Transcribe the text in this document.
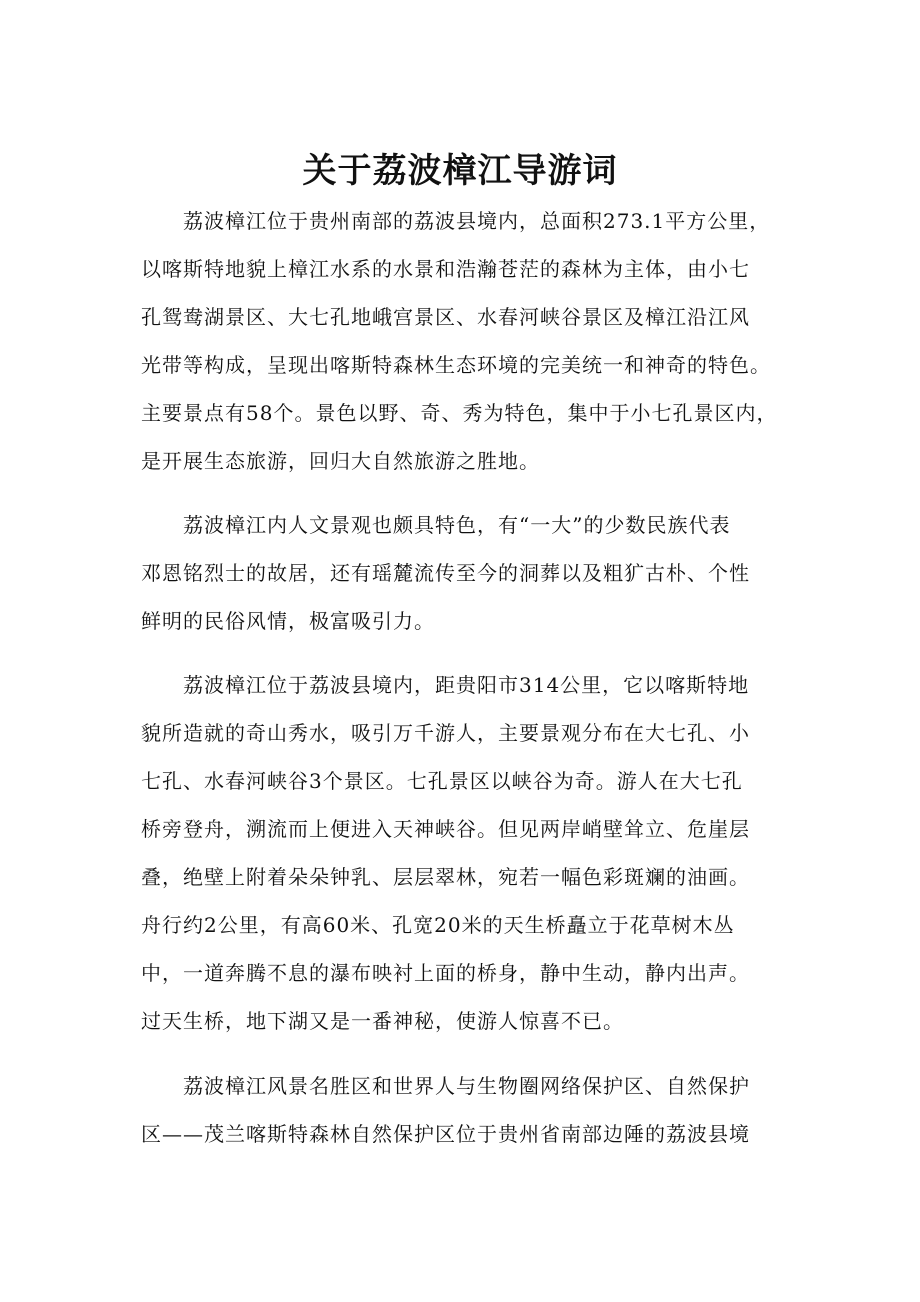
关于荔波樟江导游词
荔波樟江位于贵州南部的荔波县境内，总面积273.1平方公里，
以喀斯特地貌上樟江水系的水景和浩瀚苍茫的森林为主体，由小七
孔鸳鸯湖景区、大七孔地峨宫景区、水春河峡谷景区及樟江沿江风
光带等构成，呈现出喀斯特森林生态环境的完美统一和神奇的特色。
主要景点有58个。景色以野、奇、秀为特色，集中于小七孔景区内，
是开展生态旅游，回归大自然旅游之胜地。
荔波樟江内人文景观也颇具特色，有“一大”的少数民族代表
邓恩铭烈士的故居，还有瑶麓流传至今的洞葬以及粗犷古朴、个性
鲜明的民俗风情，极富吸引力。
荔波樟江位于荔波县境内，距贵阳市314公里，它以喀斯特地
貌所造就的奇山秀水，吸引万千游人，主要景观分布在大七孔、小
七孔、水春河峡谷3个景区。七孔景区以峡谷为奇。游人在大七孔
桥旁登舟，溯流而上便进入天神峡谷。但见两岸峭壁耸立、危崖层
叠，绝壁上附着朵朵钟乳、层层翠林，宛若一幅色彩斑斓的油画。
舟行约2公里，有高60米、孔宽20米的天生桥矗立于花草树木丛
中，一道奔腾不息的瀑布映衬上面的桥身，静中生动，静内出声。
过天生桥，地下湖又是一番神秘，使游人惊喜不已。
荔波樟江风景名胜区和世界人与生物圈网络保护区、自然保护
区——茂兰喀斯特森林自然保护区位于贵州省南部边陲的荔波县境
